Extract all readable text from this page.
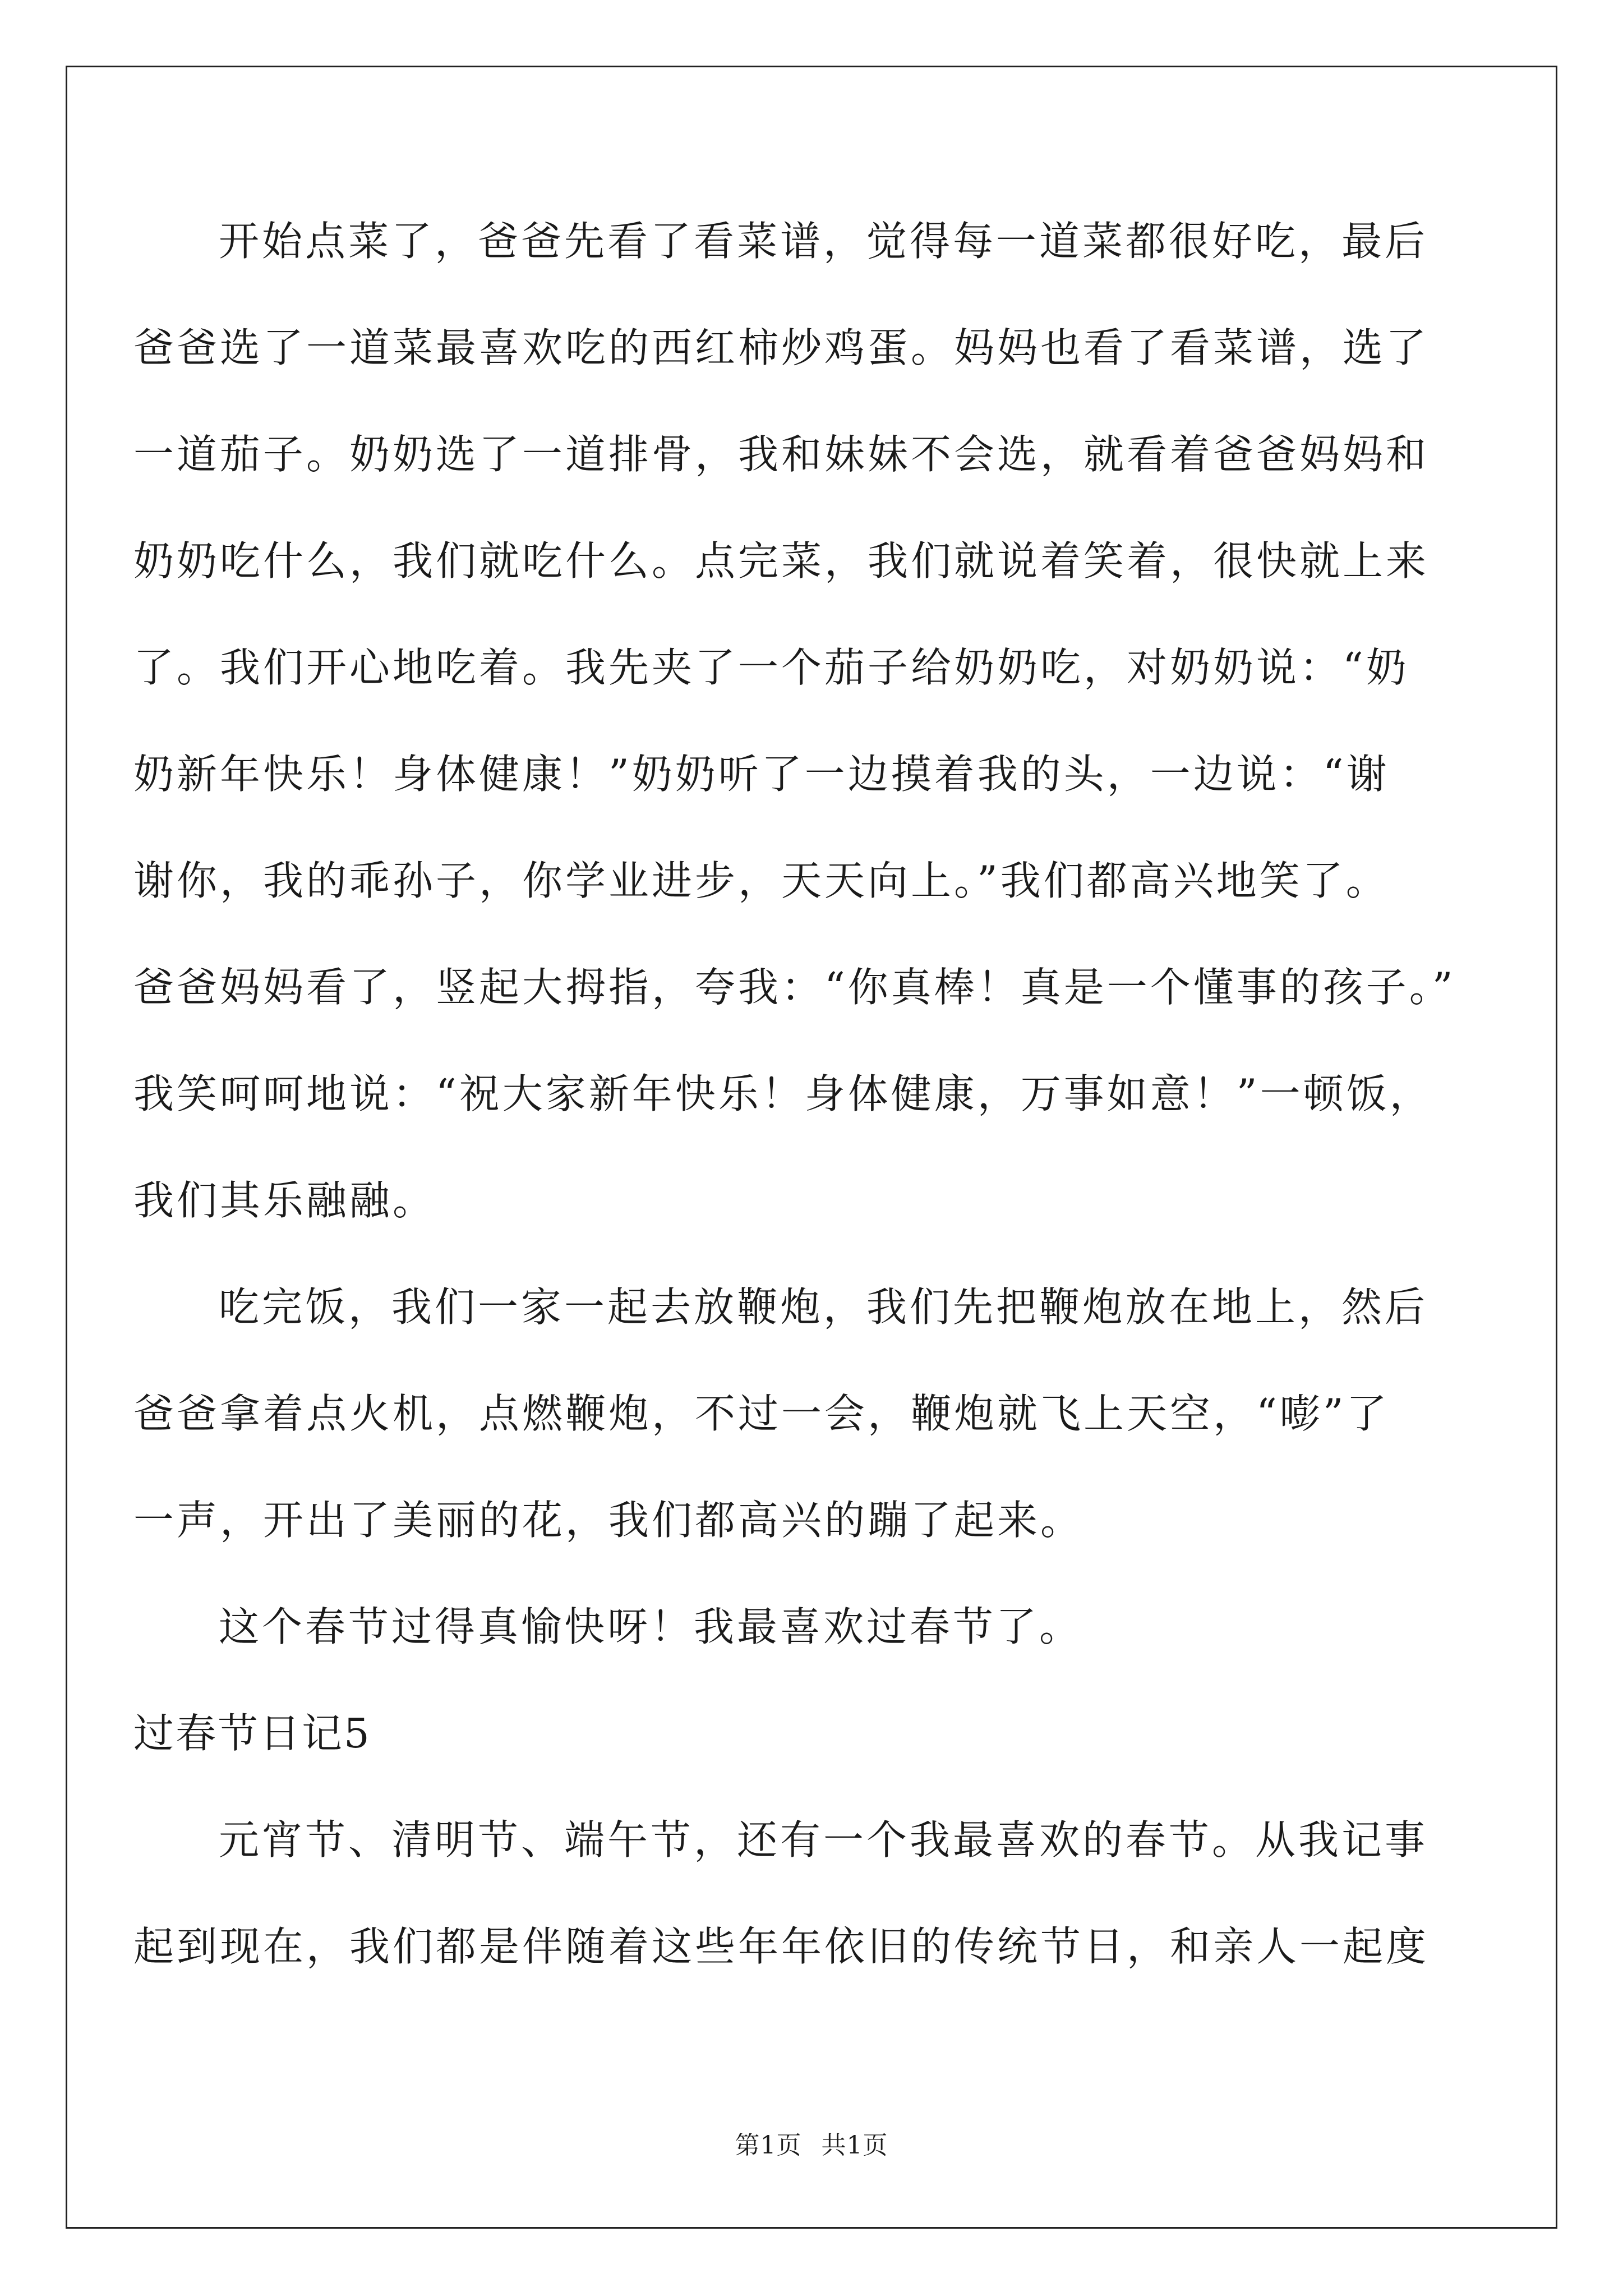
开始点菜了，爸爸先看了看菜谱，觉得每一道菜都很好吃，最后
爸爸选了一道菜最喜欢吃的西红柿炒鸡蛋。妈妈也看了看菜谱，选了
一道茄子。奶奶选了一道排骨，我和妹妹不会选，就看着爸爸妈妈和
奶奶吃什么，我们就吃什么。点完菜，我们就说着笑着，很快就上来
了。我们开心地吃着。我先夹了一个茄子给奶奶吃，对奶奶说：“奶
奶新年快乐！身体健康！”奶奶听了一边摸着我的头，一边说：“谢
谢你，我的乖孙子，你学业进步，天天向上。”我们都高兴地笑了。
爸爸妈妈看了，竖起大拇指，夸我：“你真棒！真是一个懂事的孩子。”
我笑呵呵地说：“祝大家新年快乐！身体健康，万事如意！”一顿饭，
我们其乐融融。
吃完饭，我们一家一起去放鞭炮，我们先把鞭炮放在地上，然后
爸爸拿着点火机，点燃鞭炮，不过一会，鞭炮就飞上天空，“嘭”了
一声，开出了美丽的花，我们都高兴的蹦了起来。
这个春节过得真愉快呀！我最喜欢过春节了。
过春节日记5
元宵节、清明节、端午节，还有一个我最喜欢的春节。从我记事
起到现在，我们都是伴随着这些年年依旧的传统节日，和亲人一起度
第1页 共1页
